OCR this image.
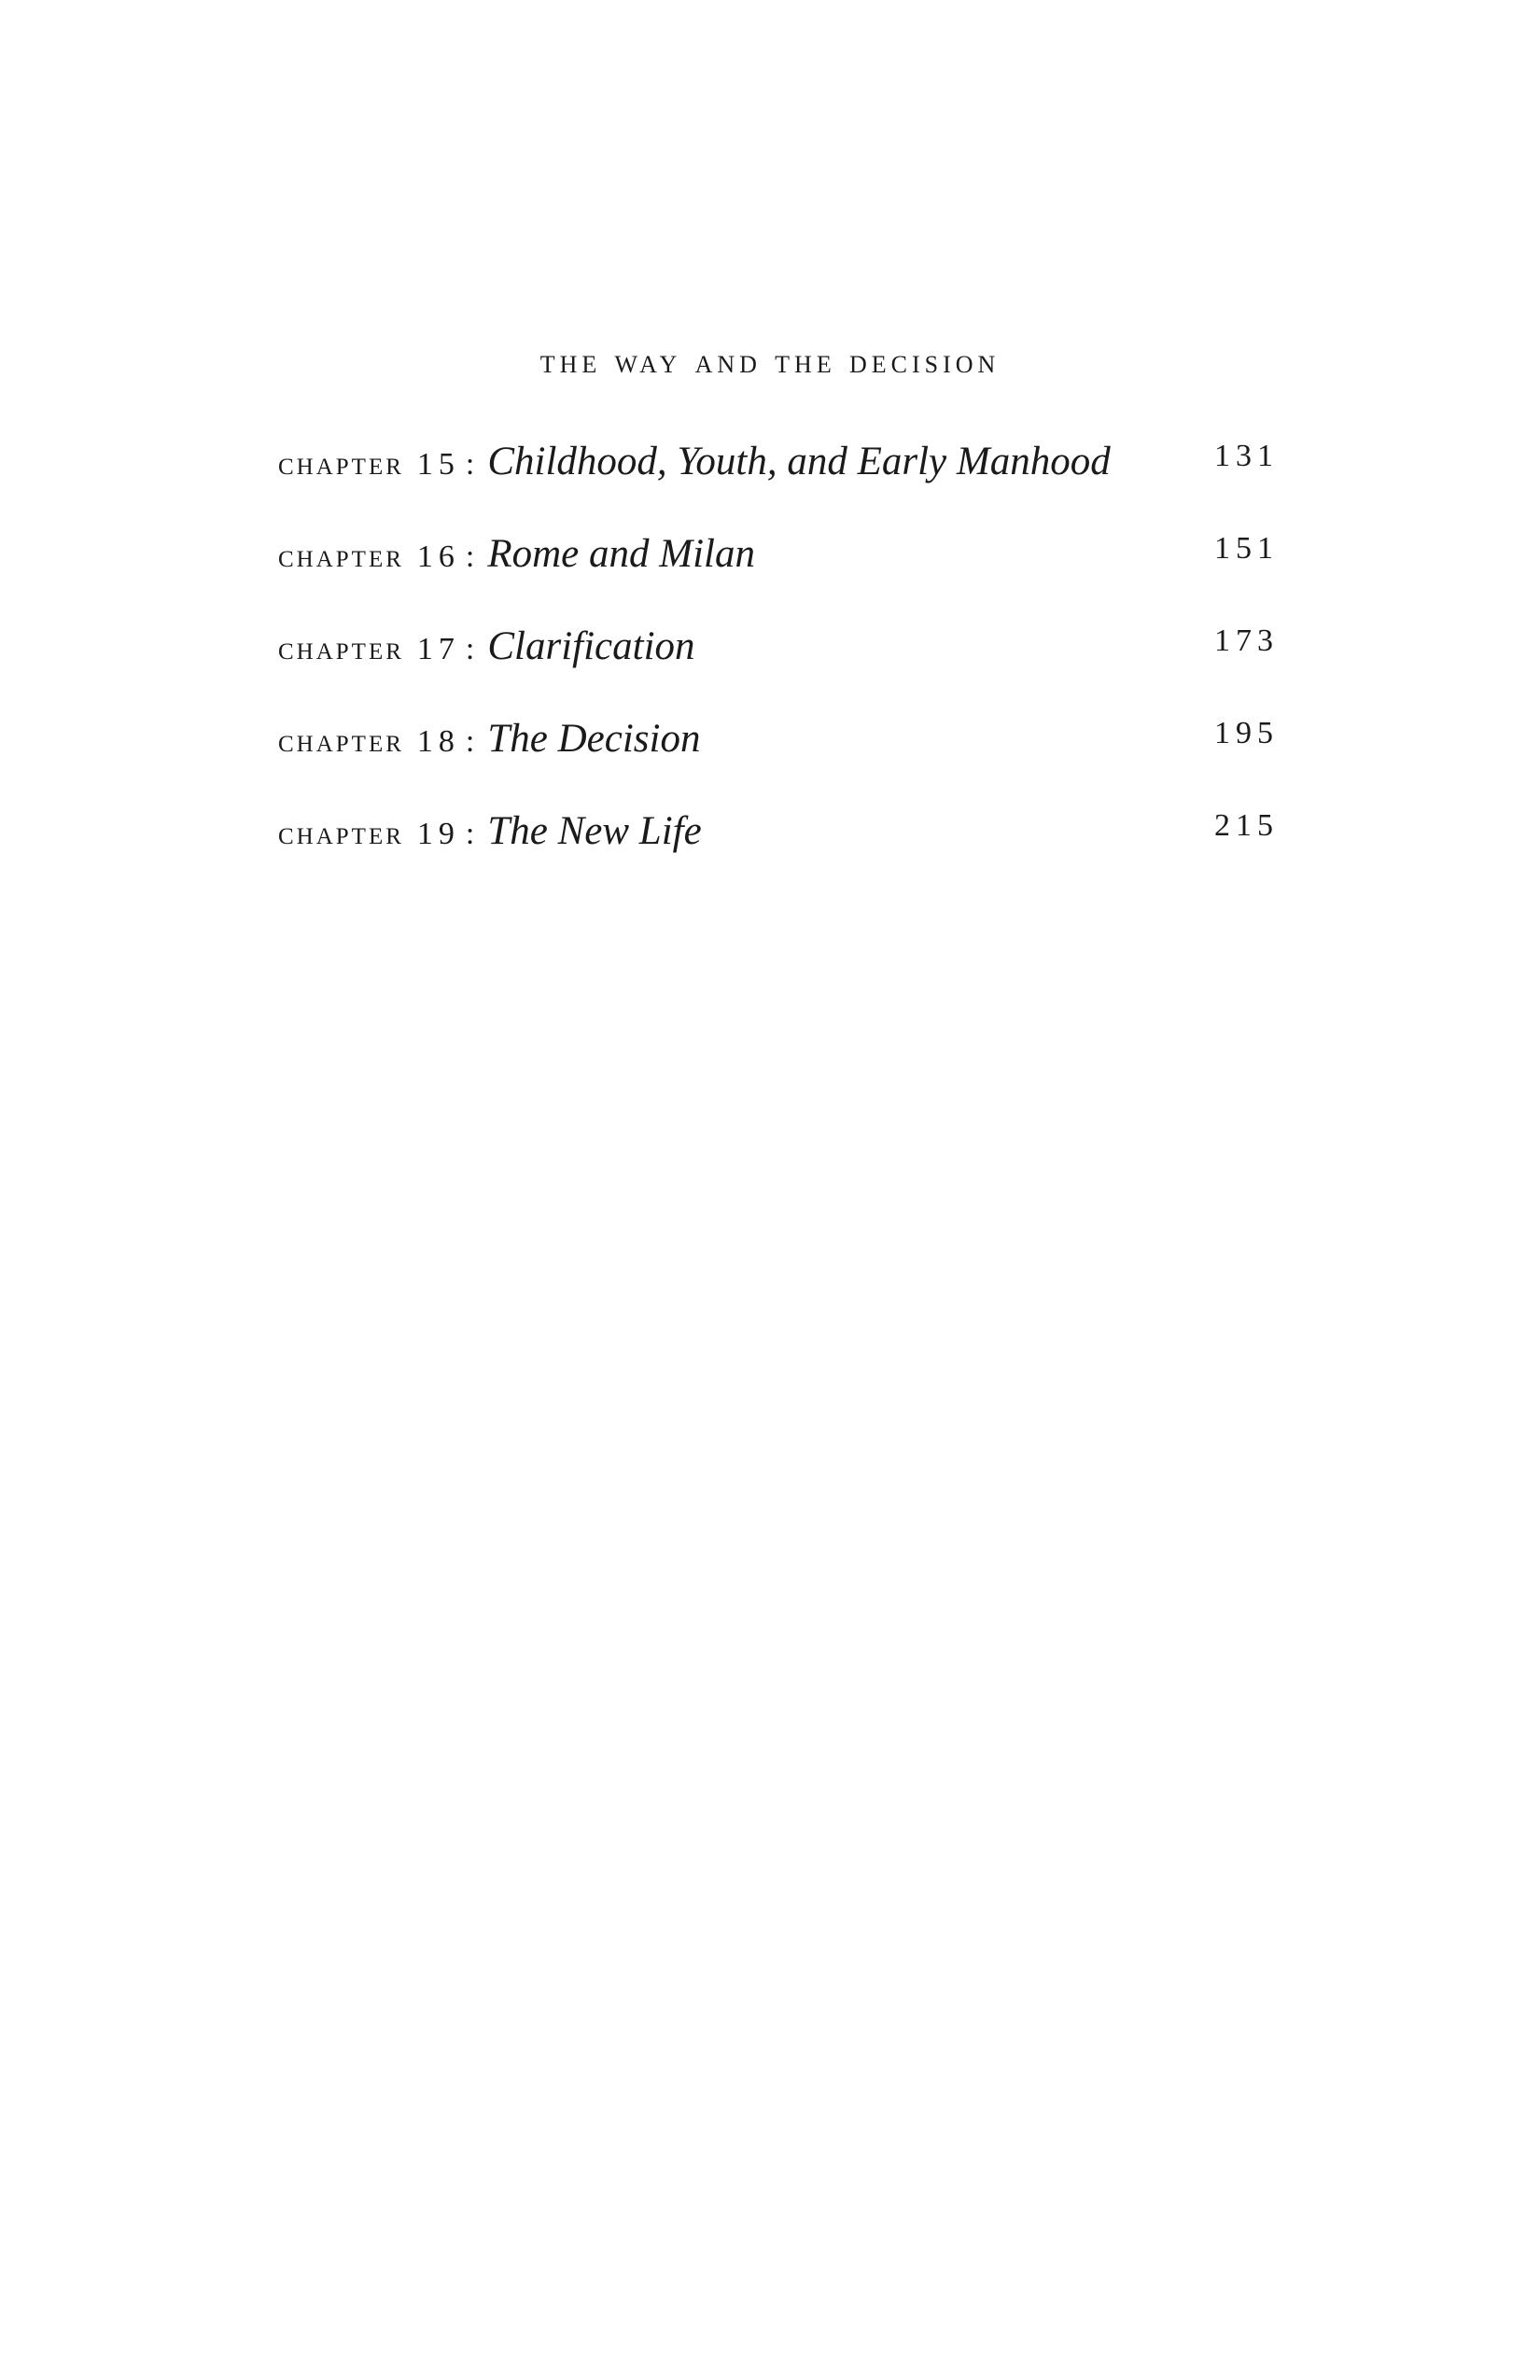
the way and the decision
chapter 15 : Childhood, Youth, and Early Manhood	131
chapter 16 : Rome and Milan	151
chapter 17 : Clarification	173
chapter 18 : The Decision	195
chapter 19 : The New Life	215
